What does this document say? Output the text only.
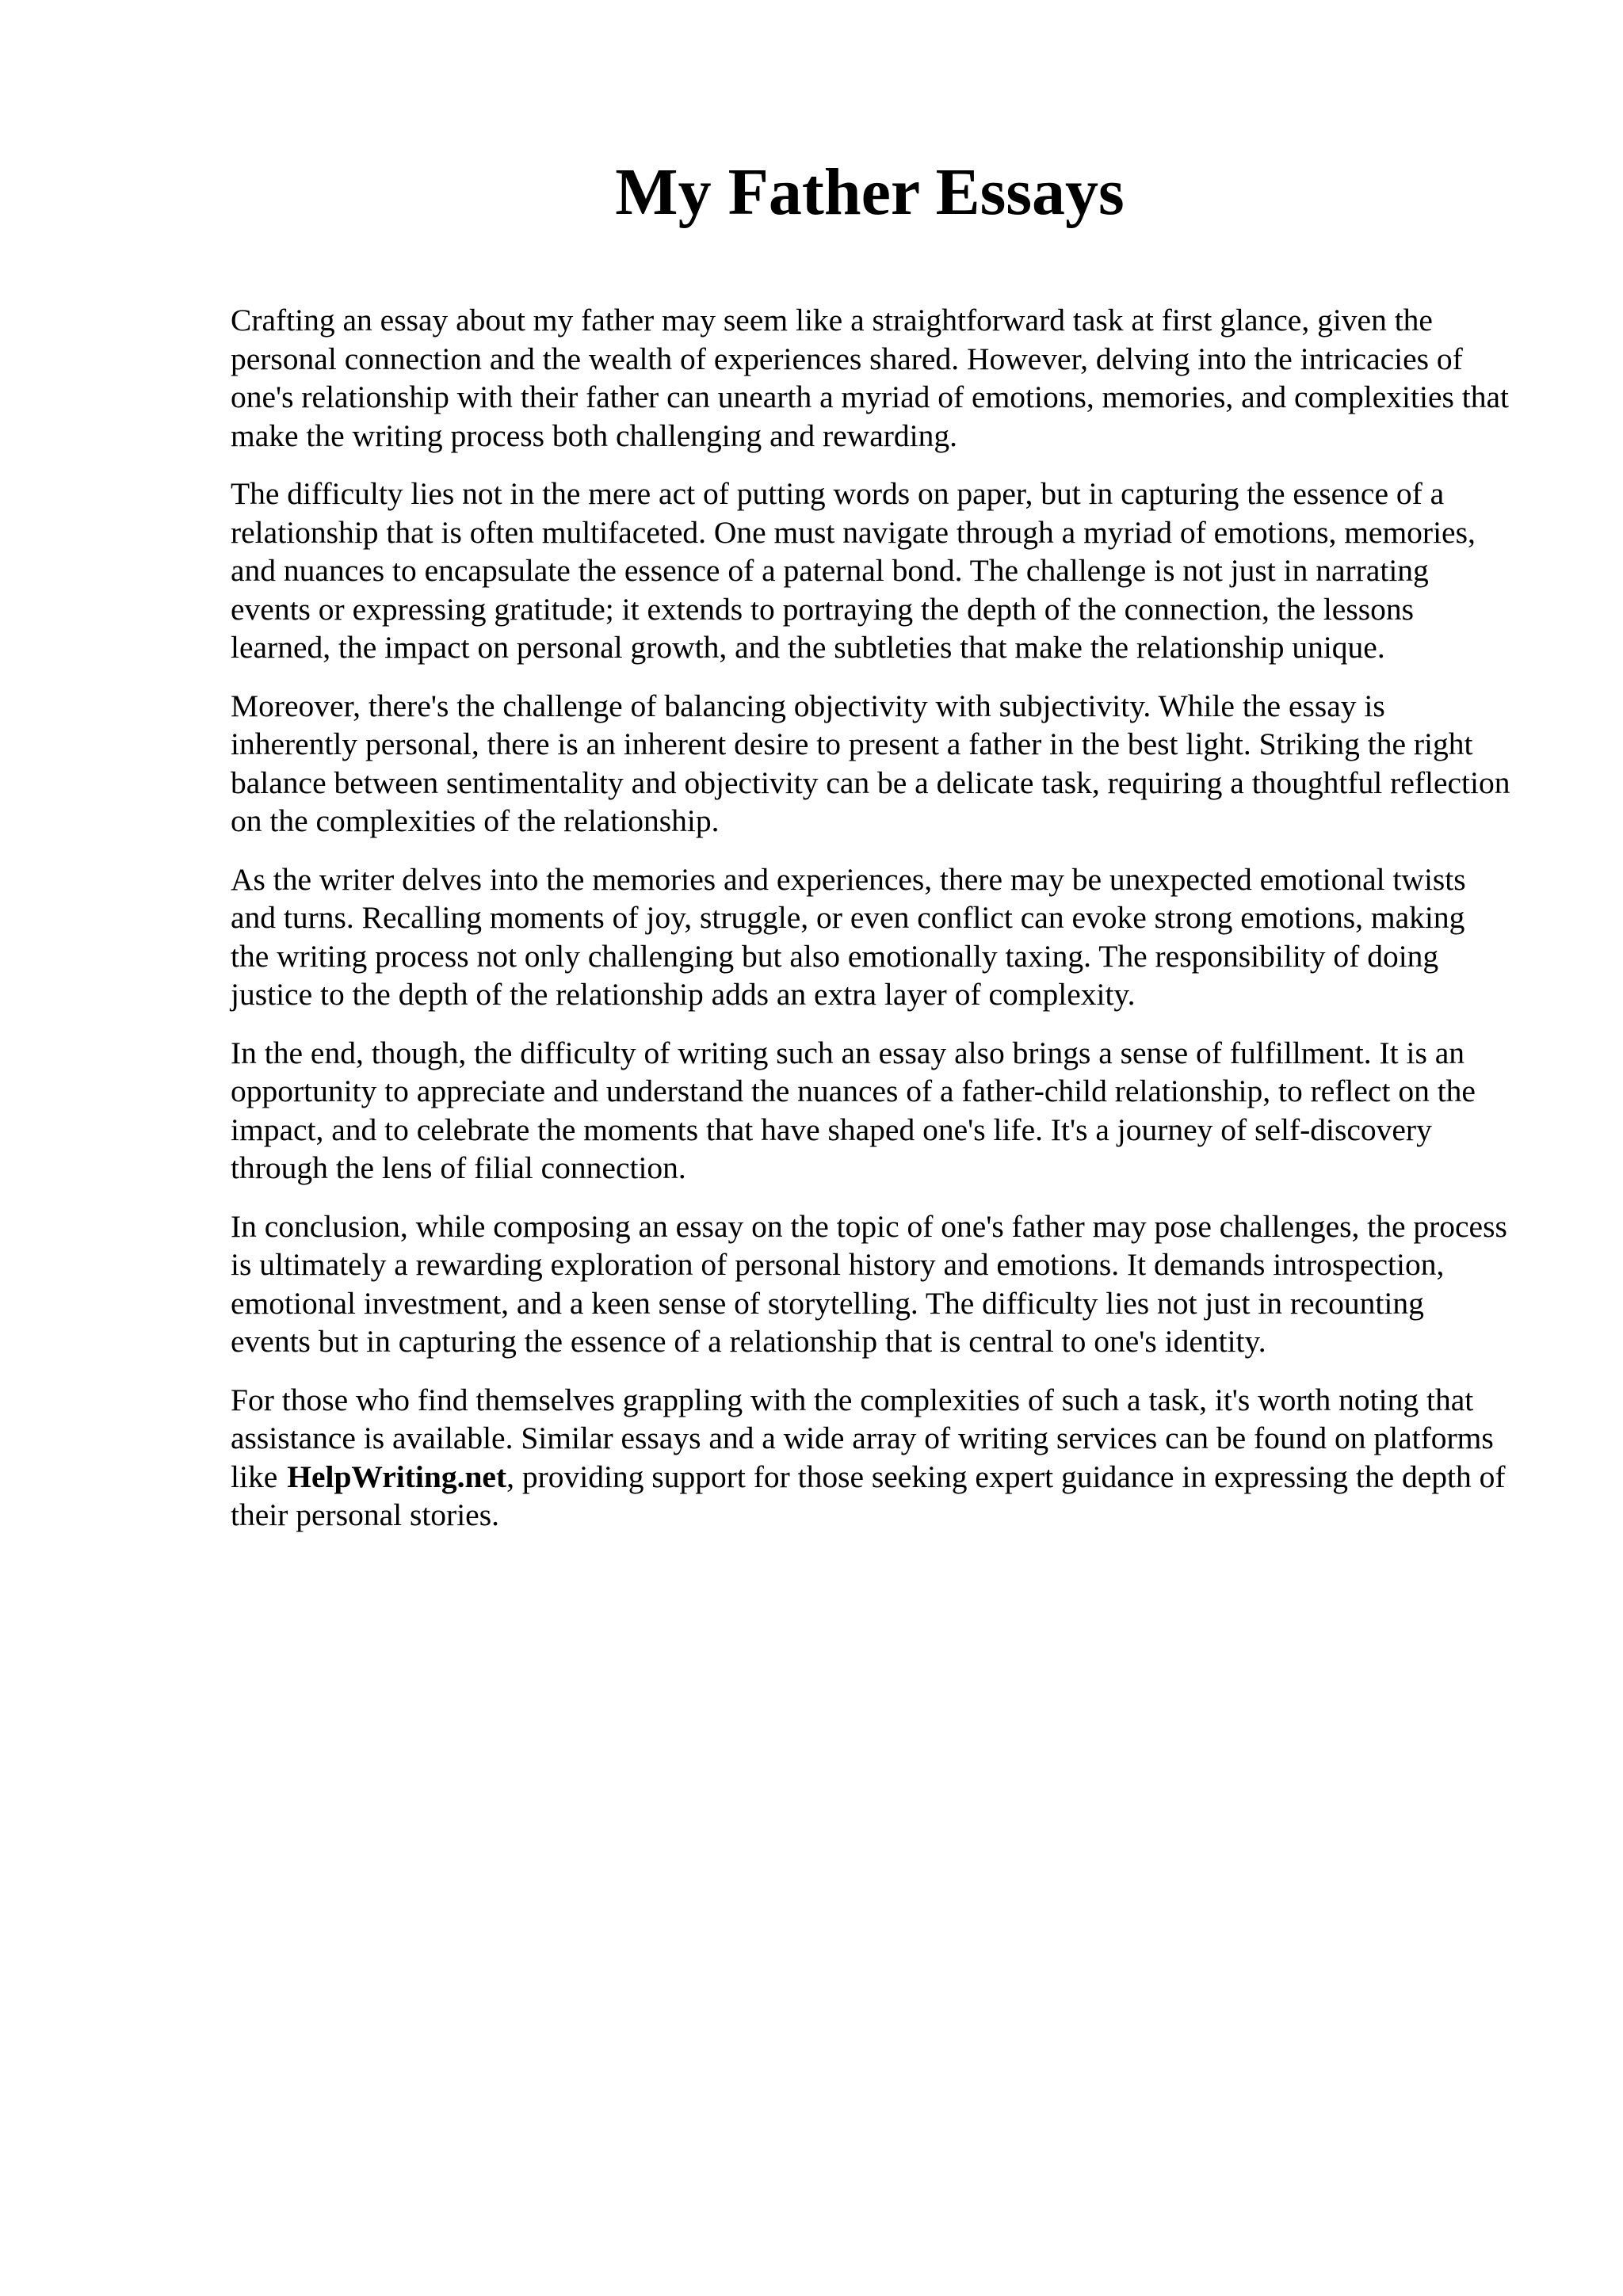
My Father Essays

Crafting an essay about my father may seem like a straightforward task at first glance, given the personal connection and the wealth of experiences shared. However, delving into the intricacies of one's relationship with their father can unearth a myriad of emotions, memories, and complexities that make the writing process both challenging and rewarding.

The difficulty lies not in the mere act of putting words on paper, but in capturing the essence of a relationship that is often multifaceted. One must navigate through a myriad of emotions, memories, and nuances to encapsulate the essence of a paternal bond. The challenge is not just in narrating events or expressing gratitude; it extends to portraying the depth of the connection, the lessons learned, the impact on personal growth, and the subtleties that make the relationship unique.

Moreover, there's the challenge of balancing objectivity with subjectivity. While the essay is inherently personal, there is an inherent desire to present a father in the best light. Striking the right balance between sentimentality and objectivity can be a delicate task, requiring a thoughtful reflection on the complexities of the relationship.

As the writer delves into the memories and experiences, there may be unexpected emotional twists and turns. Recalling moments of joy, struggle, or even conflict can evoke strong emotions, making the writing process not only challenging but also emotionally taxing. The responsibility of doing justice to the depth of the relationship adds an extra layer of complexity.

In the end, though, the difficulty of writing such an essay also brings a sense of fulfillment. It is an opportunity to appreciate and understand the nuances of a father-child relationship, to reflect on the impact, and to celebrate the moments that have shaped one's life. It's a journey of self-discovery through the lens of filial connection.

In conclusion, while composing an essay on the topic of one's father may pose challenges, the process is ultimately a rewarding exploration of personal history and emotions. It demands introspection, emotional investment, and a keen sense of storytelling. The difficulty lies not just in recounting events but in capturing the essence of a relationship that is central to one's identity.

For those who find themselves grappling with the complexities of such a task, it's worth noting that assistance is available. Similar essays and a wide array of writing services can be found on platforms like HelpWriting.net, providing support for those seeking expert guidance in expressing the depth of their personal stories.
